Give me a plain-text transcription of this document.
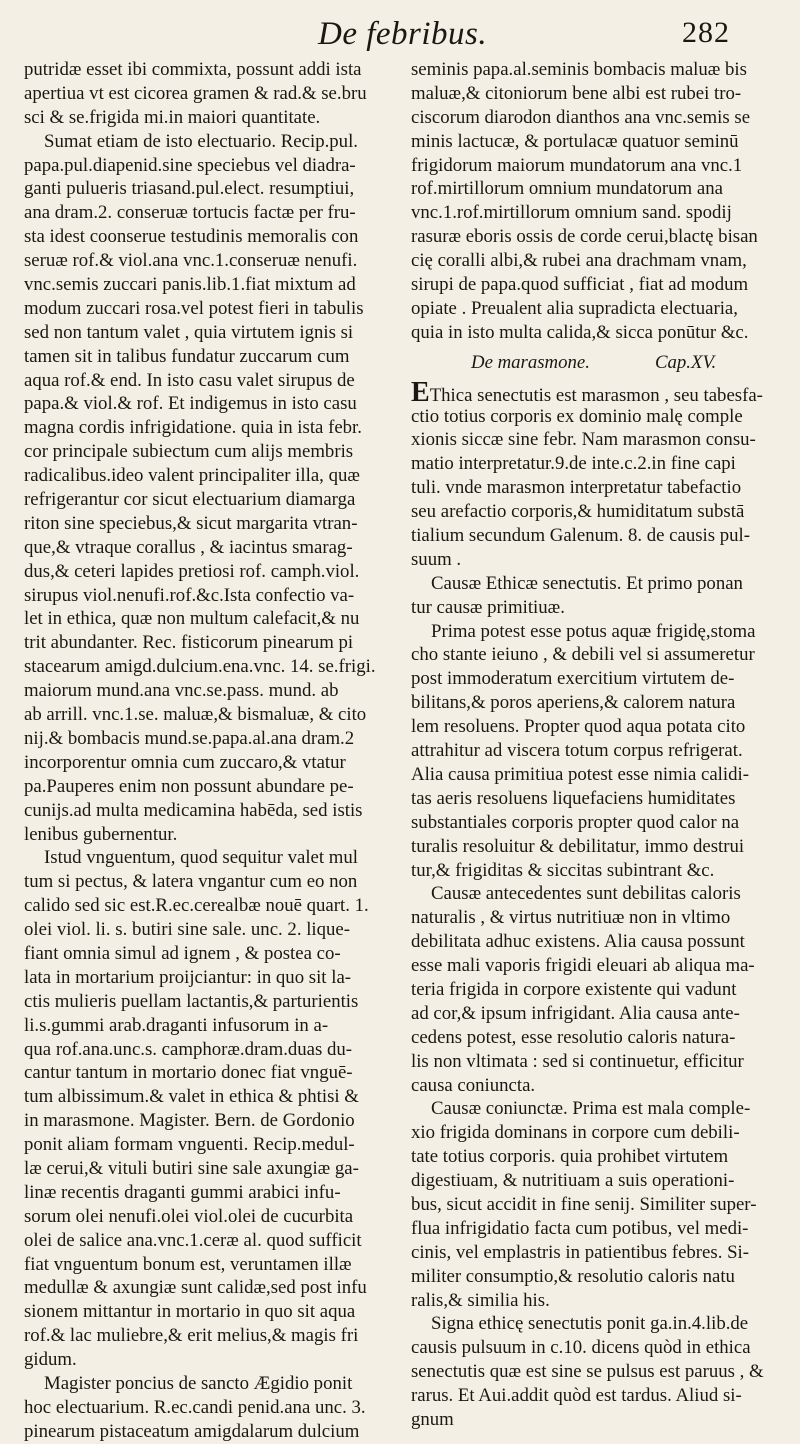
De febribus.	282
putridæ esset ibi commixta, possunt addi ista
apertiua vt est cicorea gramen & rad.& se.bru
sci & se.frigida mi.in maiori quantitate.
Sumat etiam de isto electuario. Recip.pul.
papa.pul.diapenid.sine speciebus vel diadra-
ganti pulueris triasand.pul.elect. resumptiui,
ana dram.2. conseruæ tortucis factæ per fru-
sta idest coonserue testudinis memoralis con
seruæ rof.& viol.ana vnc.1.conseruæ nenufi.
vnc.semis zuccari panis.lib.1.fiat mixtum ad
modum zuccari rosa.vel potest fieri in tabulis
sed non tantum valet , quia virtutem ignis si
tamen sit in talibus fundatur zuccarum cum
aqua rof.& end. In isto casu valet sirupus de
papa.& viol.& rof. Et indigemus in isto casu
magna cordis infrigidatione. quia in ista febr.
cor principale subiectum cum alijs membris
radicalibus.ideo valent principaliter illa, quæ
refrigerantur cor sicut electuarium diamarga
riton sine speciebus,& sicut margarita vtran-
que,& vtraque corallus , & iacintus smarag-
dus,& ceteri lapides pretiosi rof. camph.viol.
sirupus viol.nenufi.rof.&c.Ista confectio va-
let in ethica, quæ non multum calefacit,& nu
trit abundanter. Rec. fisticorum pinearum pi
stacearum amigd.dulcium.ena.vnc. 14. se.frigi.
maiorum mund.ana vnc.se.pass. mund. ab
ab arrill. vnc.1.se. maluæ,& bismaluæ, & cito
nij.& bombacis mund.se.papa.al.ana dram.2
incorporentur omnia cum zuccaro,& vtatur
pa.Pauperes enim non possunt abundare pe-
cunijs.ad multa medicamina habēda, sed istis
lenibus gubernentur.
Istud vnguentum, quod sequitur valet mul
tum si pectus, & latera vngantur cum eo non
calido sed sic est.R.ec.cerealbæ nouē quart. 1.
olei viol. li. s. butiri sine sale. unc. 2. lique-
fiant omnia simul ad ignem , & postea co-
lata in mortarium proijciantur: in quo sit la-
ctis mulieris puellam lactantis,& parturientis
li.s.gummi arab.draganti infusorum in a-
qua rof.ana.unc.s. camphoræ.dram.duas du-
cantur tantum in mortario donec fiat vnguē-
tum albissimum.& valet in ethica & phtisi &
in marasmone. Magister. Bern. de Gordonio
ponit aliam formam vnguenti. Recip.medul-
læ cerui,& vituli butiri sine sale axungiæ ga-
linæ recentis draganti gummi arabici infu-
sorum olei nenufi.olei viol.olei de cucurbita
olei de salice ana.vnc.1.ceræ al. quod sufficit
fiat vnguentum bonum est, veruntamen illæ
medullæ & axungiæ sunt calidæ,sed post infu
sionem mittantur in mortario in quo sit aqua
rof.& lac muliebre,& erit melius,& magis fri
gidum.
Magister poncius de sancto Ægidio ponit
hoc electuarium. R.ec.candi penid.ana unc. 3.
pinearum pistaceatum amigdalarum dulcium
seminis papa.al.seminis bombacis maluæ bis
maluæ,& citoniorum bene albi est rubei tro-
ciscorum diarodon dianthos ana vnc.semis se
minis lactucæ, & portulacæ quatuor seminū
frigidorum maiorum mundatorum ana vnc.1
rof.mirtillorum omnium mundatorum ana
vnc.1.rof.mirtillorum omnium sand. spodij
rasuræ eboris ossis de corde cerui,blactę bisan
cię coralli albi,& rubei ana drachmam vnam,
sirupi de papa.quod sufficiat , fiat ad modum
opiate . Preualent alia supradicta electuaria,
quia in isto multa calida,& sicca ponūtur &c.
De marasmone.	Cap.XV.
EThica senectutis est marasmon , seu tabesfa-
ctio totius corporis ex dominio malę comple
xionis siccæ sine febr. Nam marasmon consu-
matio interpretatur.9.de inte.c.2.in fine capi
tuli. vnde marasmon interpretatur tabefactio
seu arefactio corporis,& humiditatum substā
tialium secundum Galenum. 8. de causis pul-
suum .
Causæ Ethicæ senectutis. Et primo ponan
tur causæ primitiuæ.
Prima potest esse potus aquæ frigidę,stoma
cho stante ieiuno , & debili vel si assumeretur
post immoderatum exercitium virtutem de-
bilitans,& poros aperiens,& calorem natura
lem resoluens. Propter quod aqua potata cito
attrahitur ad viscera totum corpus refrigerat.
Alia causa primitiua potest esse nimia calidi-
tas aeris resoluens liquefaciens humiditates
substantiales corporis propter quod calor na
turalis resoluitur & debilitatur, immo destrui
tur,& frigiditas & siccitas subintrant &c.
Causæ antecedentes sunt debilitas caloris
naturalis , & virtus nutritiuæ non in vltimo
debilitata adhuc existens. Alia causa possunt
esse mali vaporis frigidi eleuari ab aliqua ma-
teria frigida in corpore existente qui vadunt
ad cor,& ipsum infrigidant. Alia causa ante-
cedens potest, esse resolutio caloris natura-
lis non vltimata : sed si continuetur, efficitur
causa coniuncta.
Causæ coniunctæ. Prima est mala comple-
xio frigida dominans in corpore cum debili-
tate totius corporis. quia prohibet virtutem
digestiuam, & nutritiuam a suis operationi-
bus, sicut accidit in fine senij. Similiter super-
flua infrigidatio facta cum potibus, vel medi-
cinis, vel emplastris in patientibus febres. Si-
militer consumptio,& resolutio caloris natu
ralis,& similia his.
Signa ethicę senectutis ponit ga.in.4.lib.de
causis pulsuum in c.10. dicens quòd in ethica
senectutis quæ est sine se pulsus est paruus , &
rarus. Et Aui.addit quòd est tardus. Aliud si-
gnum
